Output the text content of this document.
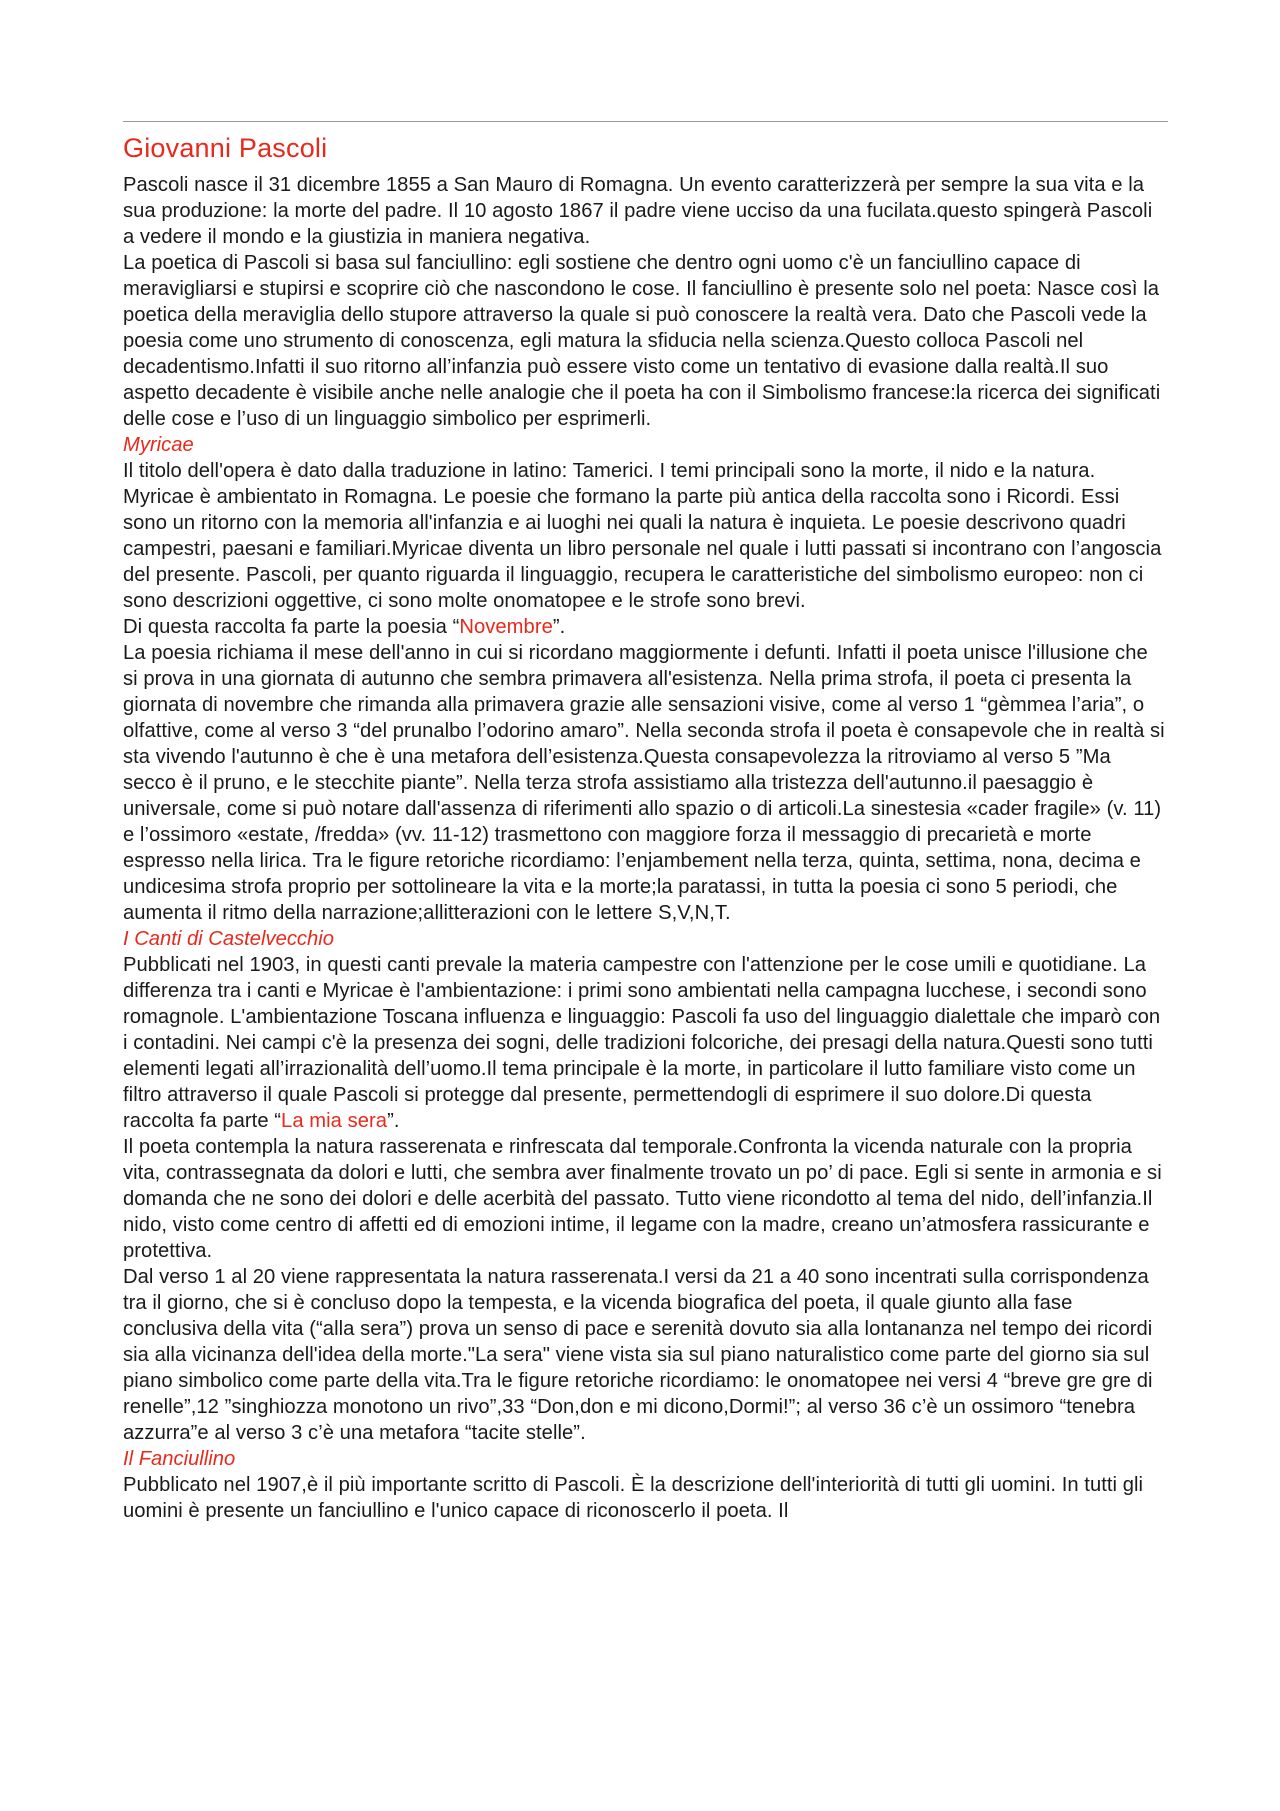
Giovanni Pascoli

Pascoli nasce il 31 dicembre 1855 a San Mauro di Romagna. Un evento caratterizzerà per sempre la sua vita e la sua produzione: la morte del padre. Il 10 agosto 1867 il padre viene ucciso da una fucilata.questo spingerà Pascoli a vedere il mondo e la giustizia in maniera negativa.

La poetica di Pascoli si basa sul fanciullino: egli sostiene che dentro ogni uomo c'è un fanciullino capace di meravigliarsi e stupirsi e scoprire ciò che nascondono le cose. Il fanciullino è presente solo nel poeta: Nasce così la poetica della meraviglia dello stupore attraverso la quale si può conoscere la realtà vera. Dato che Pascoli vede la poesia come uno strumento di conoscenza, egli matura la sfiducia nella scienza.Questo colloca Pascoli nel decadentismo.Infatti il suo ritorno all’infanzia può essere visto come un tentativo di evasione dalla realtà.Il suo aspetto decadente è visibile anche nelle analogie che il poeta ha con il Simbolismo francese:la ricerca dei significati delle cose e l’uso di un linguaggio simbolico per esprimerli.

Myricae

Il titolo dell'opera è dato dalla traduzione in latino: Tamerici. I temi principali sono la morte, il nido e la natura. Myricae è ambientato in Romagna. Le poesie che formano la parte più antica della raccolta sono i Ricordi. Essi sono un ritorno con la memoria all'infanzia e ai luoghi nei quali la natura è inquieta. Le poesie descrivono quadri campestri, paesani e familiari.Myricae diventa un libro personale nel quale i lutti passati si incontrano con l’angoscia del presente. Pascoli, per quanto riguarda il linguaggio, recupera le caratteristiche del simbolismo europeo: non ci sono descrizioni oggettive, ci sono molte onomatopee e le strofe sono brevi.

Di questa raccolta fa parte la poesia “Novembre”.

La poesia richiama il mese dell'anno in cui si ricordano maggiormente i defunti. Infatti il poeta unisce l'illusione che si prova in una giornata di autunno che sembra primavera all'esistenza. Nella prima strofa, il poeta ci presenta la giornata di novembre che rimanda alla primavera grazie alle sensazioni visive, come al verso 1 “gèmmea l’aria”, o olfattive, come al verso 3 “del prunalbo l’odorino amaro”. Nella seconda strofa il poeta è consapevole che in realtà si sta vivendo l'autunno è che è una metafora dell’esistenza.Questa consapevolezza la ritroviamo al verso 5 ”Ma secco è il pruno, e le stecchite piante”. Nella terza strofa assistiamo alla tristezza dell'autunno.il paesaggio è universale, come si può notare dall'assenza di riferimenti allo spazio o di articoli.La sinestesia «cader fragile» (v. 11) e l’ossimoro «estate, /fredda» (vv. 11-12) trasmettono con maggiore forza il messaggio di precarietà e morte espresso nella lirica. Tra le figure retoriche ricordiamo: l’enjambement nella terza, quinta, settima, nona, decima e undicesima strofa proprio per sottolineare la vita e la morte;la paratassi, in tutta la poesia ci sono 5 periodi, che aumenta il ritmo della narrazione;allitterazioni con le lettere S,V,N,T.

I Canti di Castelvecchio

Pubblicati nel 1903, in questi canti prevale la materia campestre con l'attenzione per le cose umili e quotidiane. La differenza tra i canti e Myricae è l'ambientazione: i primi sono ambientati nella campagna lucchese, i secondi sono romagnole. L'ambientazione Toscana influenza e linguaggio: Pascoli fa uso del linguaggio dialettale che imparò con i contadini. Nei campi c'è la presenza dei sogni, delle tradizioni folcoriche, dei presagi della natura.Questi sono tutti elementi legati all’irrazionalità dell’uomo.Il tema principale è la morte, in particolare il lutto familiare visto come un filtro attraverso il quale Pascoli si protegge dal presente, permettendogli di esprimere il suo dolore.Di questa raccolta fa parte “La mia sera”.

Il poeta contempla la natura rasserenata e rinfrescata dal temporale.Confronta la vicenda naturale con la propria vita, contrassegnata da dolori e lutti, che sembra aver finalmente trovato un po’ di pace. Egli si sente in armonia e si domanda che ne sono dei dolori e delle acerbità del passato. Tutto viene ricondotto al tema del nido, dell’infanzia.Il nido, visto come centro di affetti ed di emozioni intime, il legame con la madre, creano un’atmosfera rassicurante e protettiva.

Dal verso 1 al 20 viene rappresentata la natura rasserenata.I versi da 21 a 40 sono incentrati sulla corrispondenza tra il giorno, che si è concluso dopo la tempesta, e la vicenda biografica del poeta, il quale giunto alla fase conclusiva della vita (“alla sera”) prova un senso di pace e serenità dovuto sia alla lontananza nel tempo dei ricordi sia alla vicinanza dell'idea della morte."La sera" viene vista sia sul piano naturalistico come parte del giorno sia sul piano simbolico come parte della vita.Tra le figure retoriche ricordiamo: le onomatopee nei versi 4 “breve gre gre di renelle”,12 ”singhiozza monotono un rivo”,33 “Don,don e mi dicono,Dormi!”; al verso 36 c’è un ossimoro “tenebra azzurra”e al verso 3 c’è una metafora “tacite stelle”.

Il Fanciullino

Pubblicato nel 1907,è il più importante scritto di Pascoli. È la descrizione dell'interiorità di tutti gli uomini. In tutti gli uomini è presente un fanciullino e l'unico capace di riconoscerlo il poeta. Il
